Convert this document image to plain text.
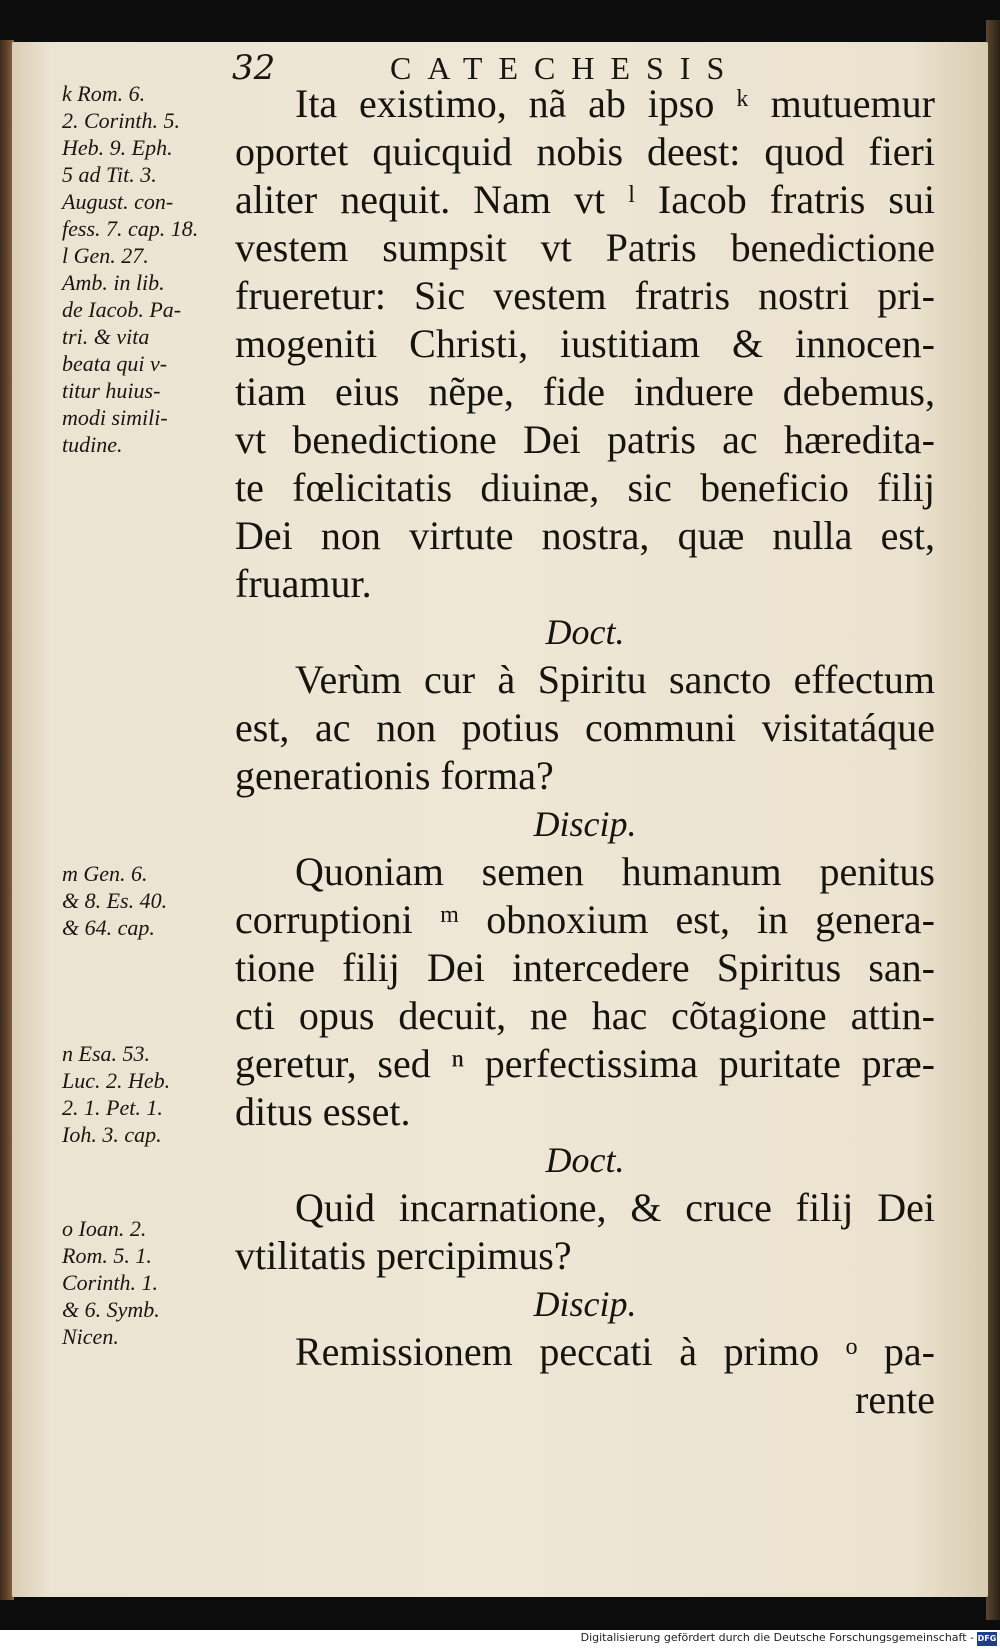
32	CATECHESIS
k Rom. 6.
2. Corinth. 5.
Heb. 9. Eph.
5 ad Tit. 3.
August. con-
fess. 7. cap. 18.
l Gen. 27.
Amb. in lib.
de Iacob. Pa-
tri. & vita
beata qui v-
titur huius-
modi simili-
tudine.
m Gen. 6.
& 8. Es. 40.
& 64. cap.
n Esa. 53.
Luc. 2. Heb.
2. 1. Pet. 1.
Ioh. 3. cap.
o Ioan. 2.
Rom. 5. 1.
Corinth. 1.
& 6. Symb.
Nicen.
Ita existimo, nã ab ipso ᵏ mutuemur
oportet quicquid nobis deest: quod fieri
aliter nequit. Nam vt ˡ Iacob fratris sui
vestem sumpsit vt Patris benedictione
frueretur: Sic vestem fratris nostri pri-
mogeniti Christi, iustitiam & innocen-
tiam eius nẽpe, fide induere debemus,
vt benedictione Dei patris ac hæredita-
te fœlicitatis diuinæ, sic beneficio filij
Dei non virtute nostra, quæ nulla est,
fruamur.
Doct.
Verùm cur à Spiritu sancto effectum
est, ac non potius communi visitatáque
generationis forma?
Discip.
Quoniam semen humanum penitus
corruptioni ᵐ obnoxium est, in genera-
tione filij Dei intercedere Spiritus san-
cti opus decuit, ne hac cõtagione attin-
geretur, sed ⁿ perfectissima puritate præ-
ditus esset.
Doct.
Quid incarnatione, & cruce filij Dei
vtilitatis percipimus?
Discip.
Remissionem peccati à primo ᵒ pa-
rente
Digitalisierung gefördert durch die Deutsche Forschungsgemeinschaft - DFG
